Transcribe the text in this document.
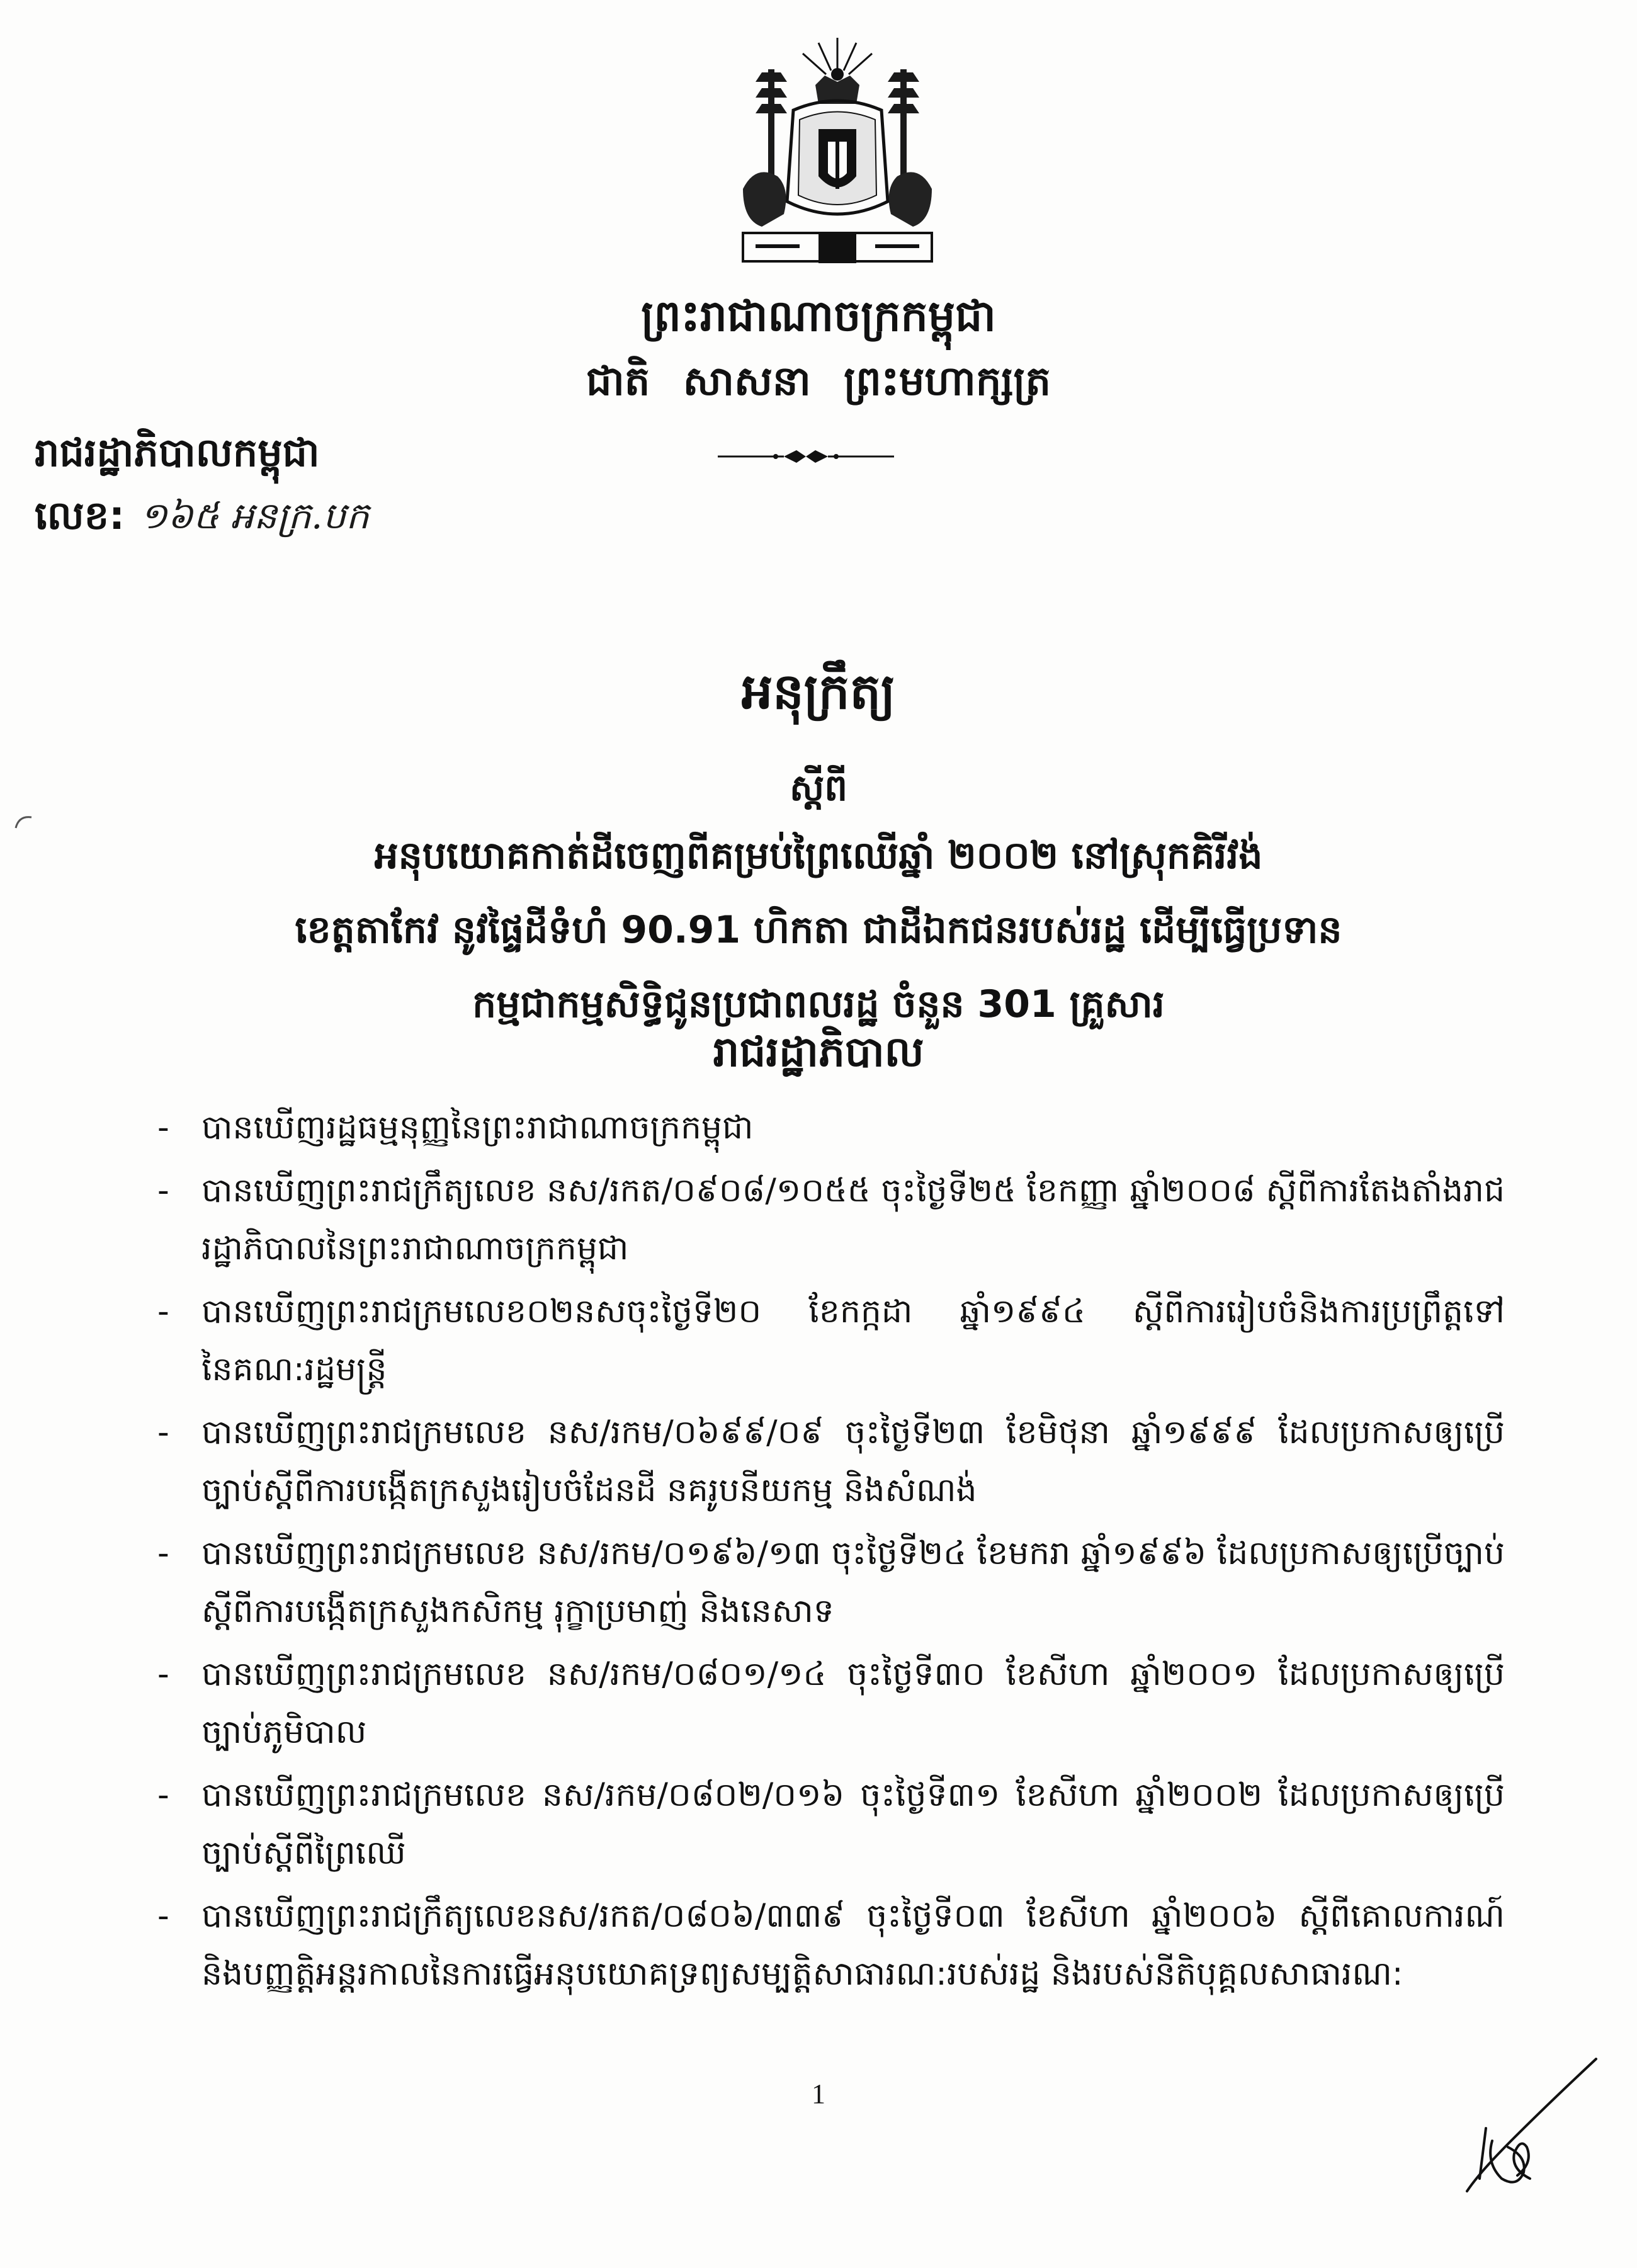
ព្រះរាជាណាចក្រកម្ពុជា
ជាតិ សាសនា ព្រះមហាក្សត្រ
រាជរដ្ឋាភិបាលកម្ពុជា
លេខ: ១៦៥ អនក្រ.បក
អនុក្រឹត្យ
ស្តីពី
អនុបយោគកាត់ដីចេញពីគម្រប់ព្រៃឈើឆ្នាំ ២០០២ នៅស្រុកគិរីវង់
ខេត្តតាកែវ នូវផ្ទៃដីទំហំ 90.91 ហិកតា ជាដីឯកជនរបស់រដ្ឋ ដើម្បីធ្វើប្រទាន
កម្មជាកម្មសិទ្ធិជូនប្រជាពលរដ្ឋ ចំនួន 301 គ្រួសារ
រាជរដ្ឋាភិបាល
- បានឃើញរដ្ឋធម្មនុញ្ញនៃព្រះរាជាណាចក្រកម្ពុជា
- បានឃើញព្រះរាជក្រឹត្យលេខ នស/រកត/០៩០៨/១០៥៥ ចុះថ្ងៃទី២៥ ខែកញ្ញា ឆ្នាំ២០០៨ ស្តីពីការតែងតាំងរាជរដ្ឋាភិបាលនៃព្រះរាជាណាចក្រកម្ពុជា
- បានឃើញព្រះរាជក្រមលេខ០២នសចុះថ្ងៃទី២០ ខែកក្កដា ឆ្នាំ១៩៩៤ ស្តីពីការរៀបចំនិងការប្រព្រឹត្តទៅនៃគណ:រដ្ឋមន្ត្រី
- បានឃើញព្រះរាជក្រមលេខ នស/រកម/០៦៩៩/០៩ ចុះថ្ងៃទី២៣ ខែមិថុនា ឆ្នាំ១៩៩៩ ដែលប្រកាសឲ្យប្រើច្បាប់ស្តីពីការបង្កើតក្រសួងរៀបចំដែនដី នគរូបនីយកម្ម និងសំណង់
- បានឃើញព្រះរាជក្រមលេខ នស/រកម/០១៩៦/១៣ ចុះថ្ងៃទី២៤ ខែមករា ឆ្នាំ១៩៩៦ ដែលប្រកាសឲ្យប្រើច្បាប់ស្តីពីការបង្កើតក្រសួងកសិកម្ម រុក្ខាប្រមាញ់ និងនេសាទ
- បានឃើញព្រះរាជក្រមលេខ នស/រកម/០៨០១/១៤ ចុះថ្ងៃទី៣០ ខែសីហា ឆ្នាំ២០០១ ដែលប្រកាសឲ្យប្រើច្បាប់ភូមិបាល
- បានឃើញព្រះរាជក្រមលេខ នស/រកម/០៨០២/០១៦ ចុះថ្ងៃទី៣១ ខែសីហា ឆ្នាំ២០០២ ដែលប្រកាសឲ្យប្រើច្បាប់ស្តីពីព្រៃឈើ
- បានឃើញព្រះរាជក្រឹត្យលេខនស/រកត/០៨០៦/៣៣៩ ចុះថ្ងៃទី០៣ ខែសីហា ឆ្នាំ២០០៦ ស្តីពីគោលការណ៍ និងបញ្ញត្តិអន្តរកាលនៃការធ្វើអនុបយោគទ្រព្យសម្បត្តិសាធារណ:របស់រដ្ឋ និងរបស់នីតិបុគ្គលសាធារណ:
1
